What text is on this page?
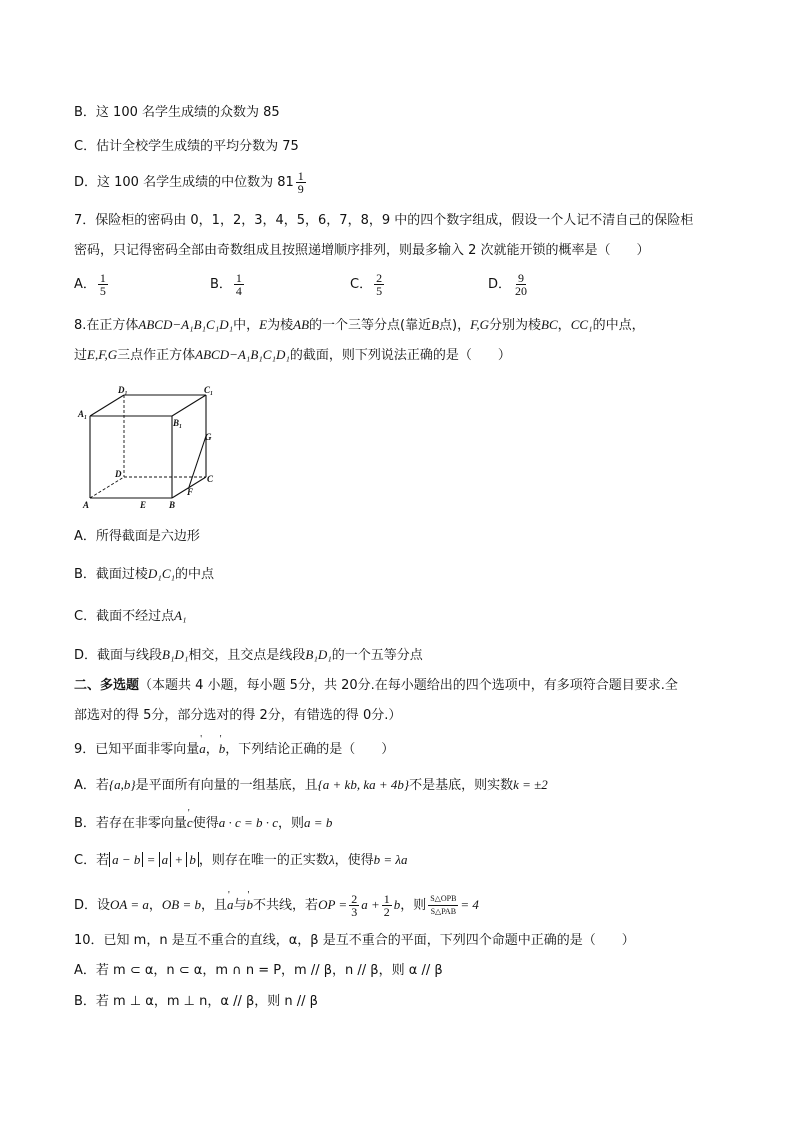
B．这 100 名学生成绩的众数为 85
C．估计全校学生成绩的平均分数为 75
D．这 100 名学生成绩的中位数为 $81 \frac{1}{9}$
7．保险柜的密码由 0，1，2，3，4，5，6，7，8，9 中的四个数字组成，假设一个人记不清自己的保险柜
密码，只记得密码全部由奇数组成且按照递增顺序排列，则最多输入 2 次就能开锁的概率是（　　）
A． $\frac{1}{5}$	B． $\frac{1}{4}$	C． $\frac{2}{5}$	D． $\frac{9}{20}$
8.在正方体ABCD−A₁B₁C₁D₁中，E为棱AB的一个三等分点(靠近B点)，F,G分别为棱BC，CC₁的中点，
过E,F,G三点作正方体ABCD−A₁B₁C₁D₁的截面，则下列说法正确的是（　　）
D₁	C₁
A₁
B₁
G
D	C
F
A	E	B
A．所得截面是六边形
B．截面过棱D₁C₁的中点
C．截面不经过点A₁
D．截面与线段B₁D₁相交，且交点是线段B₁D₁的一个五等分点
二、多选题（本题共 4 小题，每小题 5分，共 20分.在每小题给出的四个选项中，有多项符合题目要求.全
部选对的得 5分，部分选对的得 2分，有错选的得 0分.）
9．已知平面非零向量' a，' b，下列结论正确的是（　　）
A．若{a,b}是平面所有向量的一组基底，且{a + kb, ka + 4b}不是基底，则实数k = ±2
B．若存在非零向量' c使得a · c = b · c，则a = b
C．若 a − b = a + b ，则存在唯一的正实数λ，使得b = λa
D．设OA = a，OB = b，且' a与' b不共线，若OP = $\frac{2}{3}$ $a + \frac{1}{2}$ b，则 $\frac{\text{S△OPB}}{\text{S△PAB}} = 4$
10．已知 m，n 是互不重合的直线，α，β 是互不重合的平面，下列四个命题中正确的是（　　）
A．若 m ⊂ α，n ⊂ α，m ∩ n = P，m // β，n // β，则 α // β
B．若 m ⊥ α，m ⊥ n，α // β，则 n // β
